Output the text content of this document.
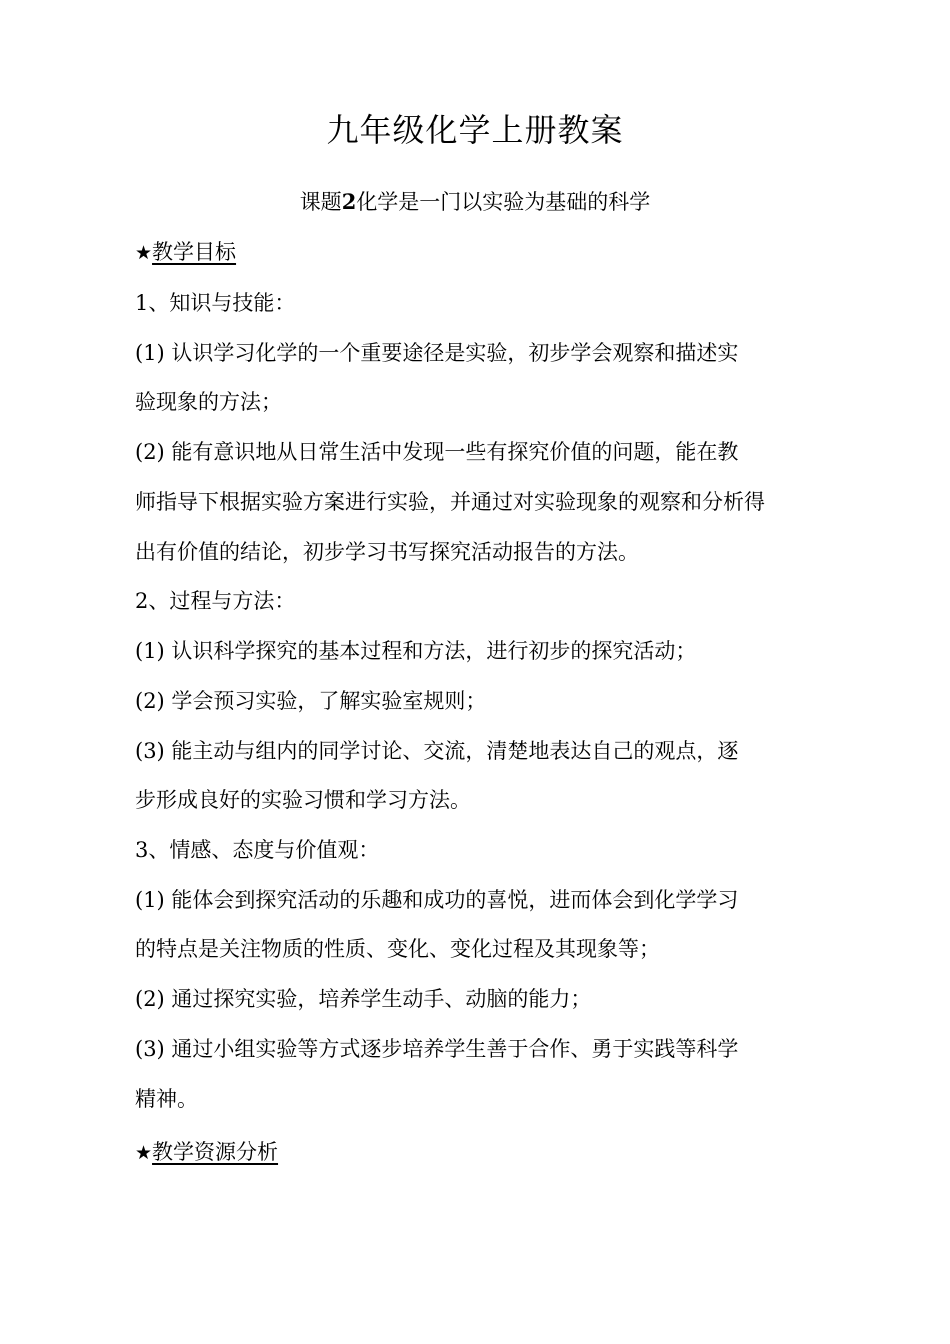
九年级化学上册教案
课题2化学是一门以实验为基础的科学
★教学目标
1、知识与技能：
(1) 认识学习化学的一个重要途径是实验，初步学会观察和描述实
验现象的方法；
(2) 能有意识地从日常生活中发现一些有探究价值的问题，能在教
师指导下根据实验方案进行实验，并通过对实验现象的观察和分析得
出有价值的结论，初步学习书写探究活动报告的方法。
2、过程与方法：
(1) 认识科学探究的基本过程和方法，进行初步的探究活动；
(2) 学会预习实验，了解实验室规则；
(3) 能主动与组内的同学讨论、交流，清楚地表达自己的观点，逐
步形成良好的实验习惯和学习方法。
3、情感、态度与价值观：
(1) 能体会到探究活动的乐趣和成功的喜悦，进而体会到化学学习
的特点是关注物质的性质、变化、变化过程及其现象等；
(2) 通过探究实验，培养学生动手、动脑的能力；
(3) 通过小组实验等方式逐步培养学生善于合作、勇于实践等科学
精神。
★教学资源分析
